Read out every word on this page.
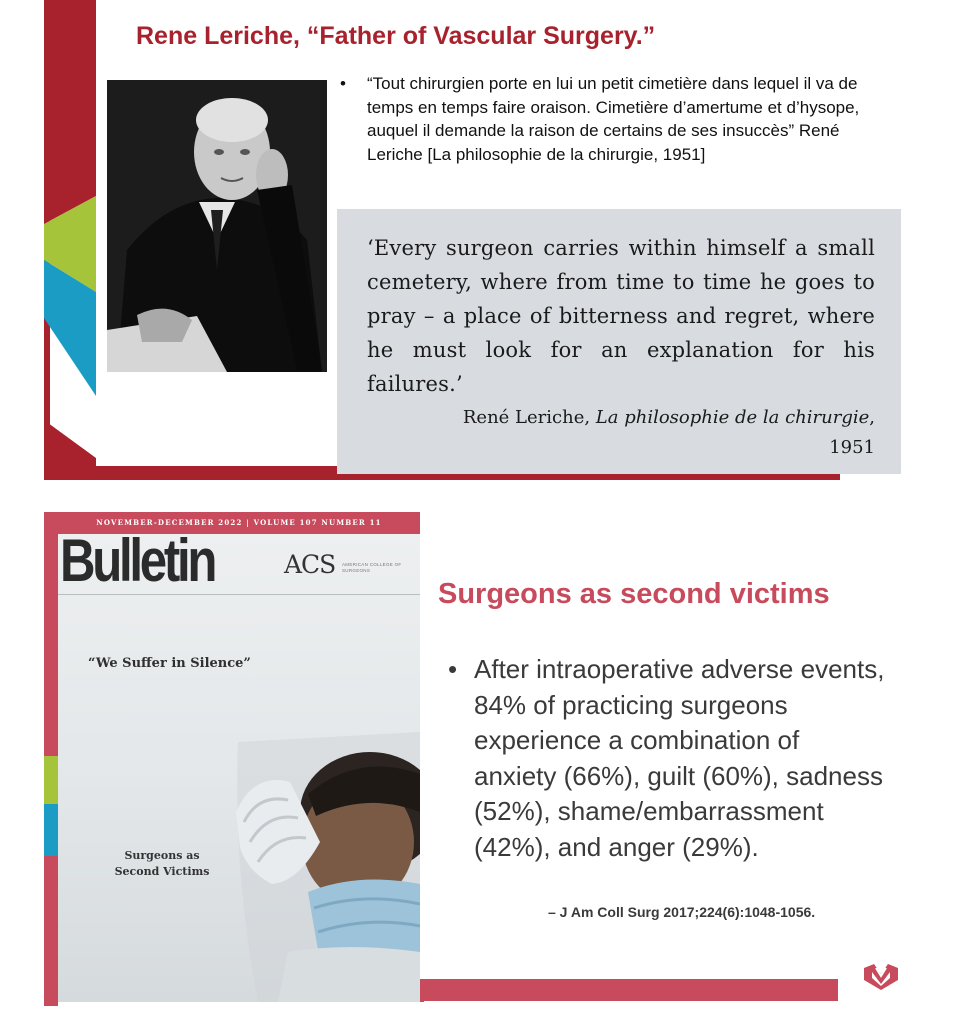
Rene Leriche, “Father of Vascular Surgery.”
• “Tout chirurgien porte en lui un petit cimetière dans lequel il va de temps en temps faire oraison. Cimetière d’amertume et d’hysope, auquel il demande la raison de certains de ses insuccès” René Leriche [La philosophie de la chirurgie, 1951]
‘Every surgeon carries within himself a small cemetery, where from time to time he goes to pray – a place of bitterness and regret, where he must look for an explanation for his failures.’
René Leriche, La philosophie de la chirurgie,
1951
NOVEMBER-DECEMBER 2022 | VOLUME 107 NUMBER 11
Bulletin	ACS AMERICAN COLLEGE OF SURGEONS
“We Suffer in Silence”
Surgeons as Second Victims
Surgeons as second victims
• After intraoperative adverse events, 84% of practicing surgeons experience a combination of anxiety (66%), guilt (60%), sadness (52%), shame/embarrassment (42%), and anger (29%).
– J Am Coll Surg 2017;224(6):1048-1056.
